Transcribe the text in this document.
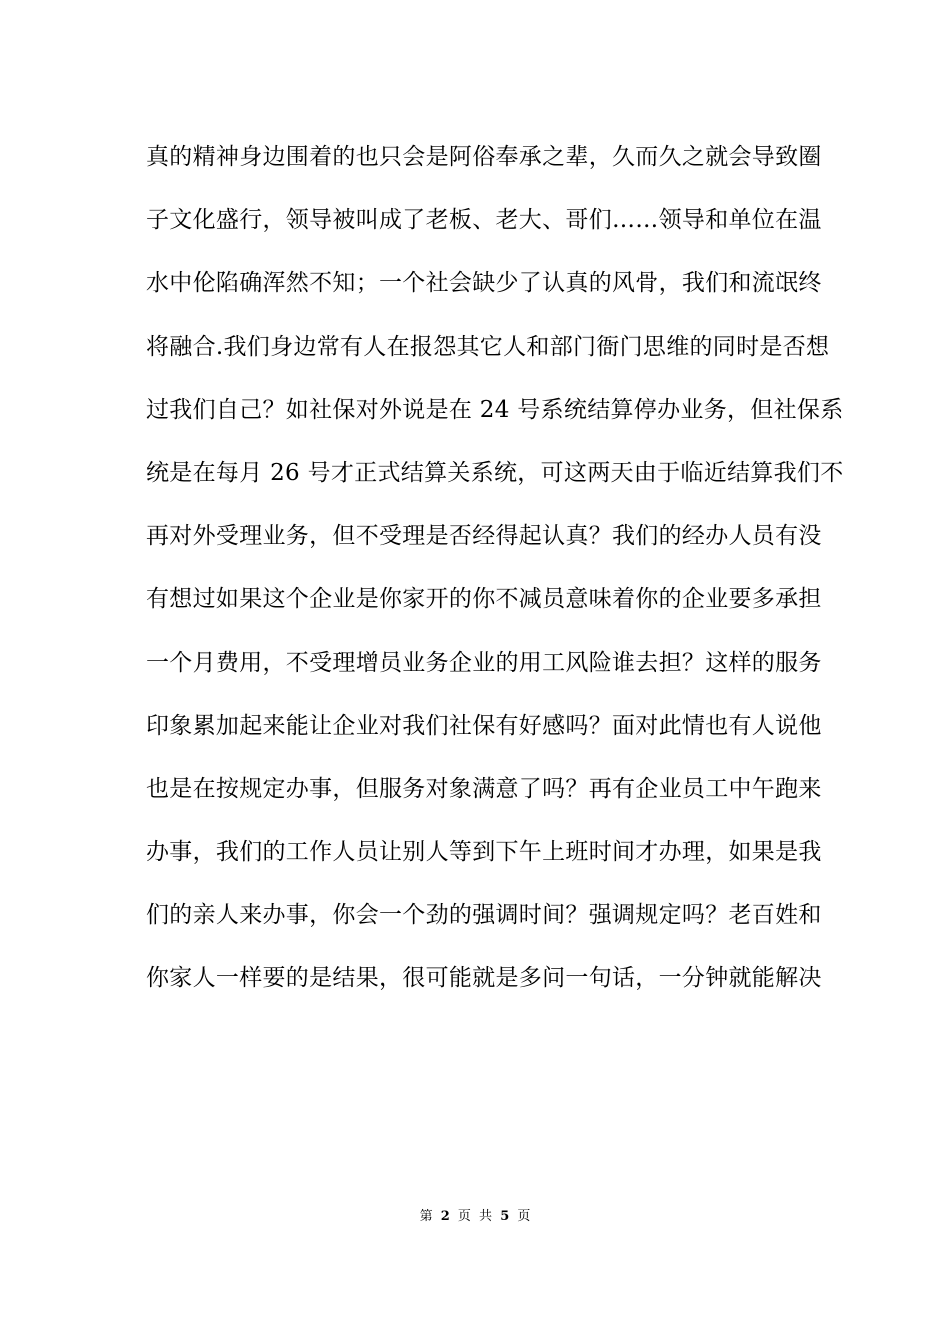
真的精神身边围着的也只会是阿俗奉承之辈，久而久之就会导致圈
子文化盛行，领导被叫成了老板、老大、哥们……领导和单位在温
水中伦陷确浑然不知；一个社会缺少了认真的风骨，我们和流氓终
将融合.我们身边常有人在报怨其它人和部门衙门思维的同时是否想
过我们自己？如社保对外说是在 24 号系统结算停办业务，但社保系
统是在每月 26 号才正式结算关系统，可这两天由于临近结算我们不
再对外受理业务，但不受理是否经得起认真？我们的经办人员有没
有想过如果这个企业是你家开的你不减员意味着你的企业要多承担
一个月费用，不受理增员业务企业的用工风险谁去担？这样的服务
印象累加起来能让企业对我们社保有好感吗？面对此情也有人说他
也是在按规定办事，但服务对象满意了吗？再有企业员工中午跑来
办事，我们的工作人员让别人等到下午上班时间才办理，如果是我
们的亲人来办事，你会一个劲的强调时间？强调规定吗？老百姓和
你家人一样要的是结果，很可能就是多问一句话，一分钟就能解决
第 2 页 共 5 页
